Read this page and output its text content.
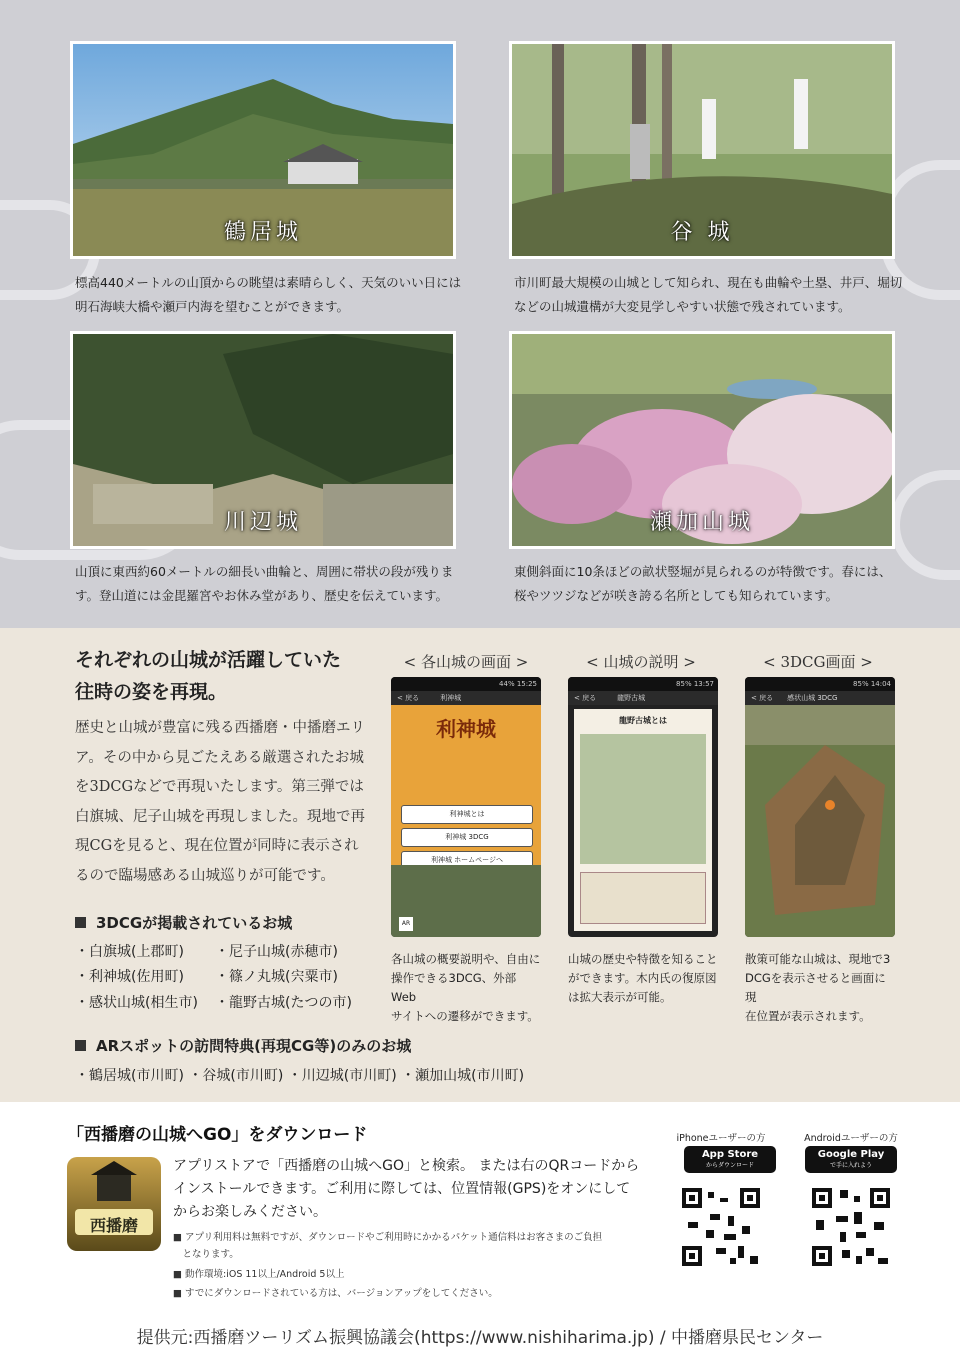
鶴居城
標高440メートルの山頂からの眺望は素晴らしく、天気のいい日には
明石海峡大橋や瀬戸内海を望むことができます。
谷 城
市川町最大規模の山城として知られ、現在も曲輪や土塁、井戸、堀切
などの山城遺構が大変見学しやすい状態で残されています。
川辺城
山頂に東西約60メートルの細長い曲輪と、周囲に帯状の段が残りま
す。登山道には金毘羅宮やお休み堂があり、歴史を伝えています。
瀬加山城
東側斜面に10条ほどの畝状竪堀が見られるのが特徴です。春には、
桜やツツジなどが咲き誇る名所としても知られています。
それぞれの山城が活躍していた
往時の姿を再現。
歴史と山城が豊富に残る西播磨・中播磨エリ
ア。その中から見ごたえある厳選されたお城
を3DCGなどで再現いたします。第三弾では
白旗城、尼子山城を再現しました。現地で再
現CGを見ると、現在位置が同時に表示され
るので臨場感ある山城巡りが可能です。
3DCGが掲載されているお城
・白旗城(上郡町) ・尼子山城(赤穂市)
・利神城(佐用町) ・篠ノ丸城(宍粟市)
・感状山城(相生市) ・龍野古城(たつの市)
ARスポットの訪問特典(再現CG等)のみのお城
・鶴居城(市川町) ・谷城(市川町) ・川辺城(市川町) ・瀬加山城(市川町)
< 各山城の画面 >	< 山城の説明 >	< 3DCG画面 >
44% 15:25
< 戻る　　　利神城
利神城
利神城とは
利神城 3DCG
利神城 ホームページへ
AR
各山城の概要説明や、自由に
操作できる3DCG、外部Web
サイトへの遷移ができます。
85% 13:57
< 戻る　　　龍野古城
龍野古城とは
山城の歴史や特徴を知ること
ができます。木内氏の復原図
は拡大表示が可能。
85% 14:04
< 戻る　　感状山城 3DCG
散策可能な山城は、現地で3
DCGを表示させると画面に現
在位置が表示されます。
「西播磨の山城へGO」をダウンロード
西播磨
アプリストアで「西播磨の山城へGO」と検索。 または右のQRコードから
インストールできます。ご利用に際しては、位置情報(GPS)をオンにして
からお楽しみください。
■ アプリ利用料は無料ですが、ダウンロードやご利用時にかかるパケット通信料はお客さまのご負担
　となります。
■ 動作環境:iOS 11以上/Android 5以上
■ すでにダウンロードされている方は、バージョンアップをしてください。
iPhoneユーザーの方	Androidユーザーの方
App Store
からダウンロード
Google Play
で手に入れよう
提供元:西播磨ツーリズム振興協議会(https://www.nishiharima.jp) / 中播磨県民センター
